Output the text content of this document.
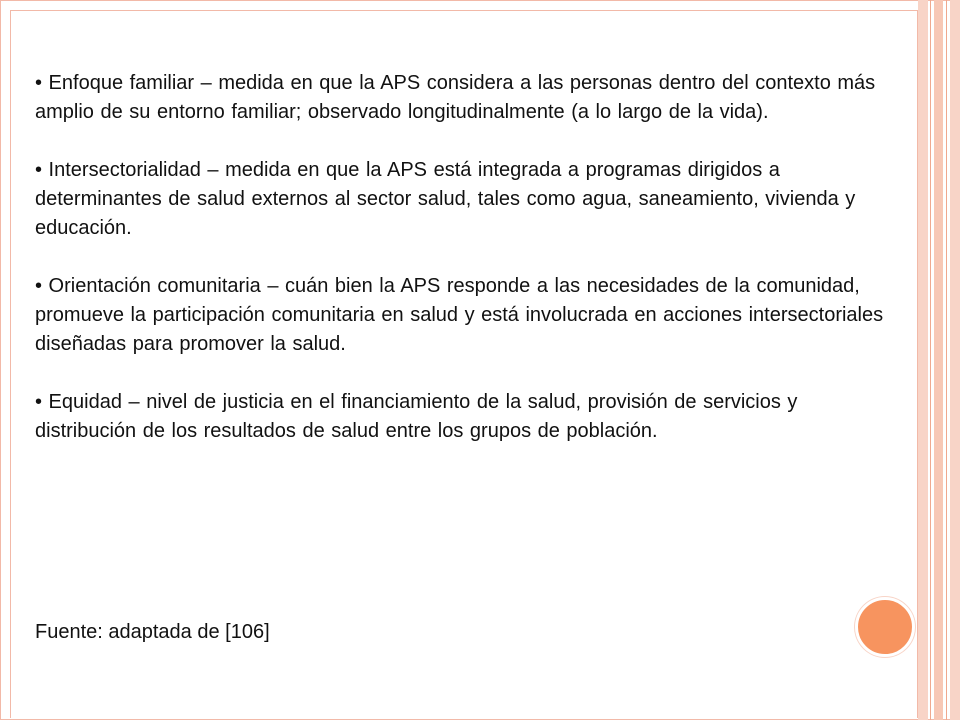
• Enfoque familiar – medida en que la APS considera a las personas dentro del contexto más amplio de su entorno familiar; observado longitudinalmente (a lo largo de la vida).

• Intersectorialidad – medida en que la APS está integrada a programas dirigidos a determinantes de salud externos al sector salud, tales como agua, saneamiento, vivienda y educación.

• Orientación comunitaria – cuán bien la APS responde a las necesidades de la comunidad, promueve la participación comunitaria en salud y está involucrada en acciones intersectoriales diseñadas para promover la salud.

• Equidad – nivel de justicia en el financiamiento de la salud, provisión de servicios y distribución de los resultados de salud entre los grupos de población.

Fuente: adaptada de [106]
